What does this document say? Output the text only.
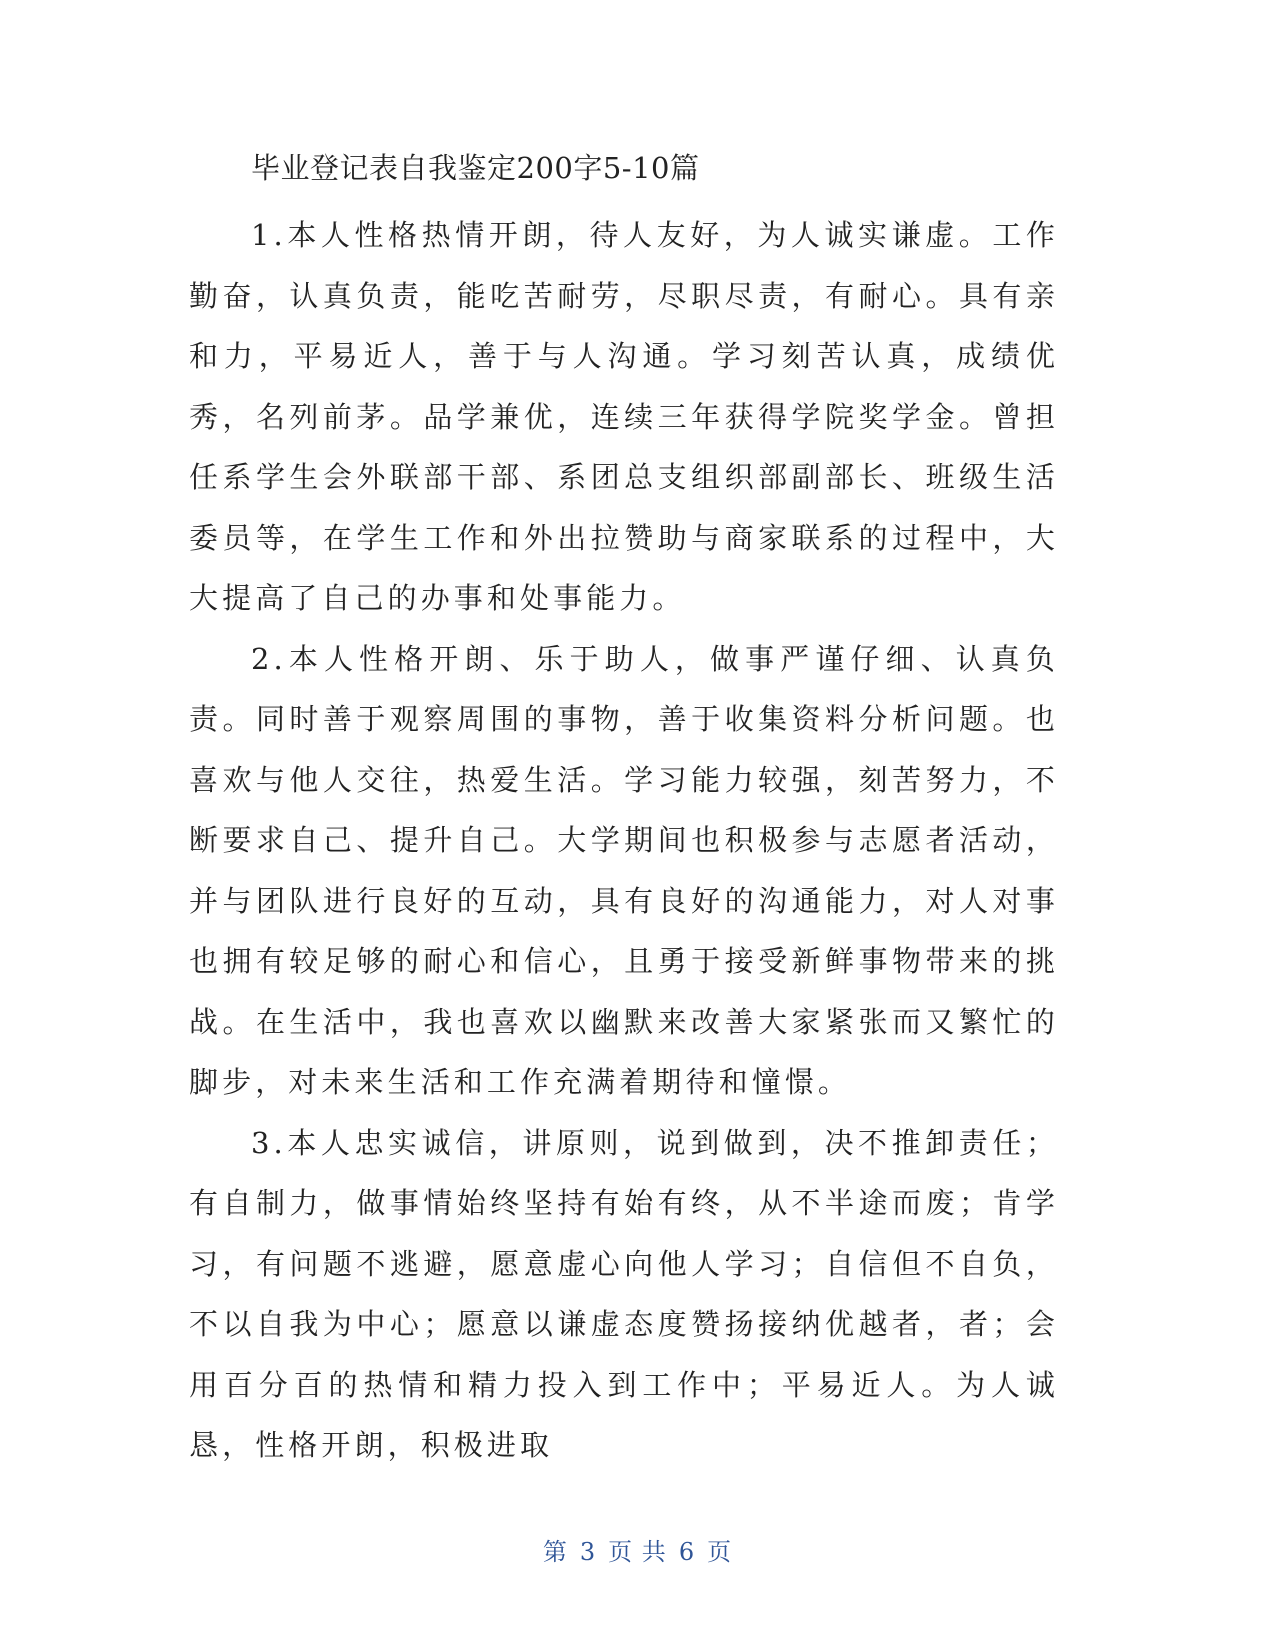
毕业登记表自我鉴定200字5-10篇

1.本人性格热情开朗，待人友好，为人诚实谦虚。工作勤奋，认真负责，能吃苦耐劳，尽职尽责，有耐心。具有亲和力，平易近人，善于与人沟通。学习刻苦认真，成绩优秀，名列前茅。品学兼优，连续三年获得学院奖学金。曾担任系学生会外联部干部、系团总支组织部副部长、班级生活委员等，在学生工作和外出拉赞助与商家联系的过程中，大大提高了自己的办事和处事能力。

2.本人性格开朗、乐于助人，做事严谨仔细、认真负责。同时善于观察周围的事物，善于收集资料分析问题。也喜欢与他人交往，热爱生活。学习能力较强，刻苦努力，不断要求自己、提升自己。大学期间也积极参与志愿者活动，并与团队进行良好的互动，具有良好的沟通能力，对人对事也拥有较足够的耐心和信心，且勇于接受新鲜事物带来的挑战。在生活中，我也喜欢以幽默来改善大家紧张而又繁忙的脚步，对未来生活和工作充满着期待和憧憬。

3.本人忠实诚信，讲原则，说到做到，决不推卸责任；有自制力，做事情始终坚持有始有终，从不半途而废；肯学习，有问题不逃避，愿意虚心向他人学习；自信但不自负，不以自我为中心；愿意以谦虚态度赞扬接纳优越者，者；会用百分百的热情和精力投入到工作中；平易近人。为人诚恳，性格开朗，积极进取

第 3 页 共 6 页
